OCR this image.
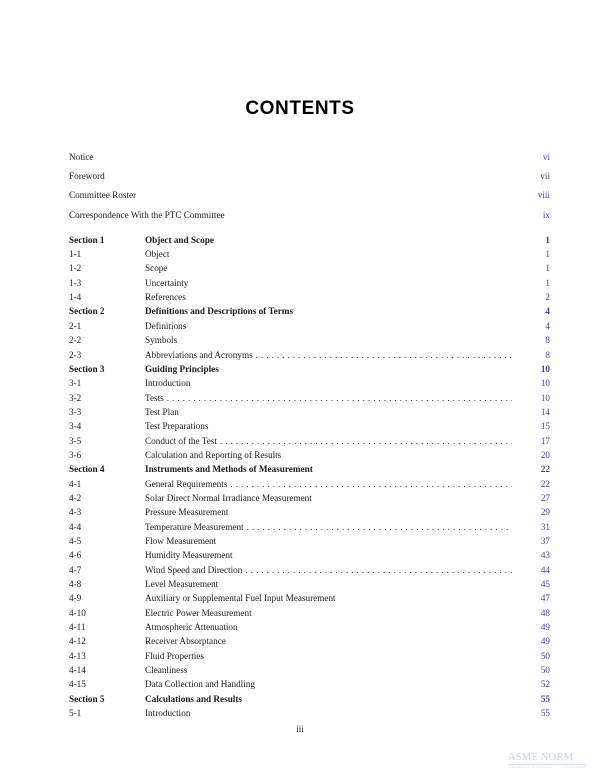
CONTENTS
Notice . . .	vi
Foreword . . .	vii
Committee Roster . . .	viii
Correspondence With the PTC Committee . . .	ix
Section 1	Object and Scope . . .	1
1-1	Object . . .	1
1-2	Scope . . .	1
1-3	Uncertainty . . .	1
1-4	References . . .	2
Section 2	Definitions and Descriptions of Terms . . .	4
2-1	Definitions . . .	4
2-2	Symbols . . .	8
2-3	Abbreviations and Acronyms . . .	8
Section 3	Guiding Principles . . .	10
3-1	Introduction . . .	10
3-2	Tests . . .	10
3-3	Test Plan . . .	14
3-4	Test Preparations . . .	15
3-5	Conduct of the Test . . .	17
3-6	Calculation and Reporting of Results . . .	20
Section 4	Instruments and Methods of Measurement . . .	22
4-1	General Requirements . . .	22
4-2	Solar Direct Normal Irradiance Measurement . . .	27
4-3	Pressure Measurement . . .	29
4-4	Temperature Measurement . . .	31
4-5	Flow Measurement . . .	37
4-6	Humidity Measurement . . .	43
4-7	Wind Speed and Direction . . .	44
4-8	Level Measurement . . .	45
4-9	Auxiliary or Supplemental Fuel Input Measurement . . .	47
4-10	Electric Power Measurement . . .	48
4-11	Atmospheric Attenuation . . .	49
4-12	Receiver Absorptance . . .	49
4-13	Fluid Properties . . .	50
4-14	Cleanliness . . .	50
4-15	Data Collection and Handling . . .	52
Section 5	Calculations and Results . . .	55
5-1	Introduction . . .	55
iii
ASME NORM
THE AMERICAN SOCIETY	STANDARDS
